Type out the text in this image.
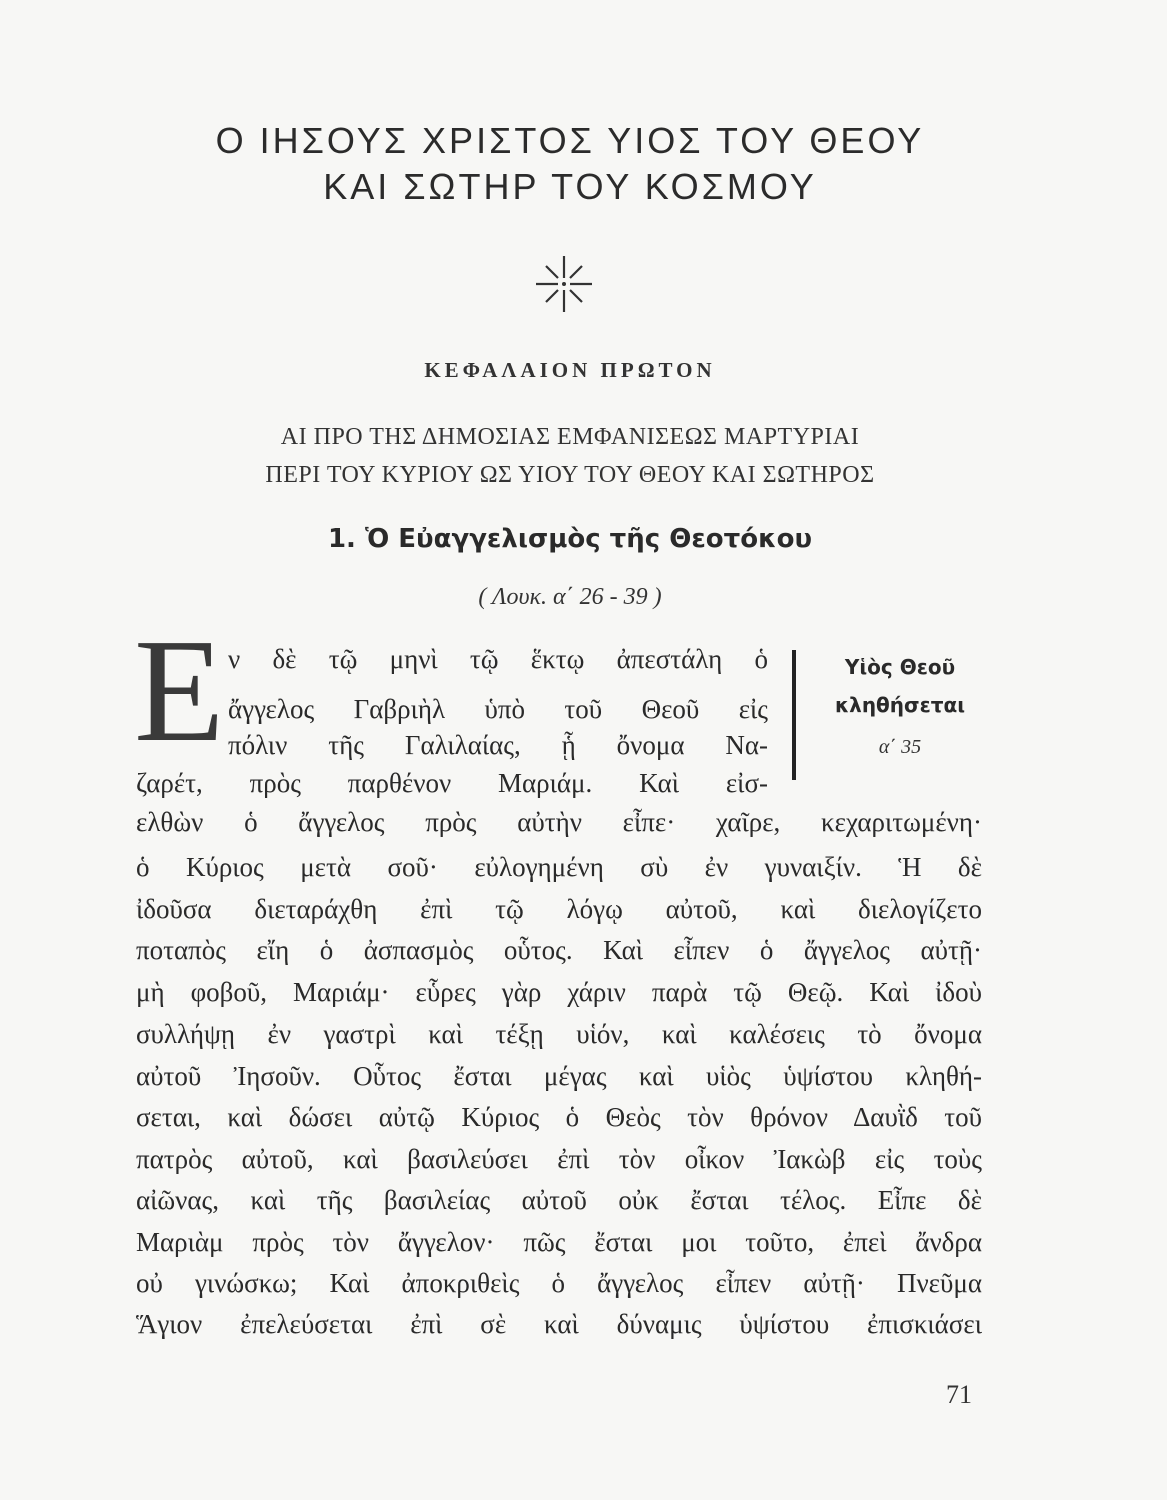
Ο ΙΗΣΟΥΣ ΧΡΙΣΤΟΣ ΥΙΟΣ ΤΟΥ ΘΕΟΥ
ΚΑΙ ΣΩΤΗΡ ΤΟΥ ΚΟΣΜΟΥ
ΚΕΦΑΛΑΙΟΝ ΠΡΩΤΟΝ
ΑΙ ΠΡΟ ΤΗΣ ΔΗΜΟΣΙΑΣ ΕΜΦΑΝΙΣΕΩΣ ΜΑΡΤΥΡΙΑΙ
ΠΕΡΙ ΤΟΥ ΚΥΡΙΟΥ ΩΣ ΥΙΟΥ ΤΟΥ ΘΕΟΥ ΚΑΙ ΣΩΤΗΡΟΣ
1. Ὁ Εὐαγγελισμὸς τῆς Θεοτόκου
( Λουκ. α΄ 26 - 39 )
Ε ν δὲ τῷ μηνὶ τῷ ἕκτῳ ἀπεστάλη ὁ
ἄγγελος Γαβριὴλ ὑπὸ τοῦ Θεοῦ εἰς
πόλιν τῆς Γαλιλαίας, ᾗ ὄνομα Να-
ζαρέτ, πρὸς παρθένον Μαριάμ. Καὶ εἰσ-
ελθὼν ὁ ἄγγελος πρὸς αὐτὴν εἶπε· χαῖρε, κεχαριτωμένη·
ὁ Κύριος μετὰ σοῦ· εὐλογημένη σὺ ἐν γυναιξίν. Ἡ δὲ
ἰδοῦσα διεταράχθη ἐπὶ τῷ λόγῳ αὐτοῦ, καὶ διελογίζετο
ποταπὸς εἴη ὁ ἀσπασμὸς οὗτος. Καὶ εἶπεν ὁ ἄγγελος αὐτῇ·
μὴ φοβοῦ, Μαριάμ· εὗρες γὰρ χάριν παρὰ τῷ Θεῷ. Καὶ ἰδοὺ
συλλήψῃ ἐν γαστρὶ καὶ τέξῃ υἱόν, καὶ καλέσεις τὸ ὄνομα
αὐτοῦ Ἰησοῦν. Οὗτος ἔσται μέγας καὶ υἱὸς ὑψίστου κληθή-
σεται, καὶ δώσει αὐτῷ Κύριος ὁ Θεὸς τὸν θρόνον Δαυῒδ τοῦ
πατρὸς αὐτοῦ, καὶ βασιλεύσει ἐπὶ τὸν οἶκον Ἰακὼβ εἰς τοὺς
αἰῶνας, καὶ τῆς βασιλείας αὐτοῦ οὐκ ἔσται τέλος. Εἶπε δὲ
Μαριὰμ πρὸς τὸν ἄγγελον· πῶς ἔσται μοι τοῦτο, ἐπεὶ ἄνδρα
οὐ γινώσκω; Καὶ ἀποκριθεὶς ὁ ἄγγελος εἶπεν αὐτῇ· Πνεῦμα
Ἅγιον ἐπελεύσεται ἐπὶ σὲ καὶ δύναμις ὑψίστου ἐπισκιάσει
Υἱὸς Θεοῦ
κληθήσεται
α΄ 35
71
